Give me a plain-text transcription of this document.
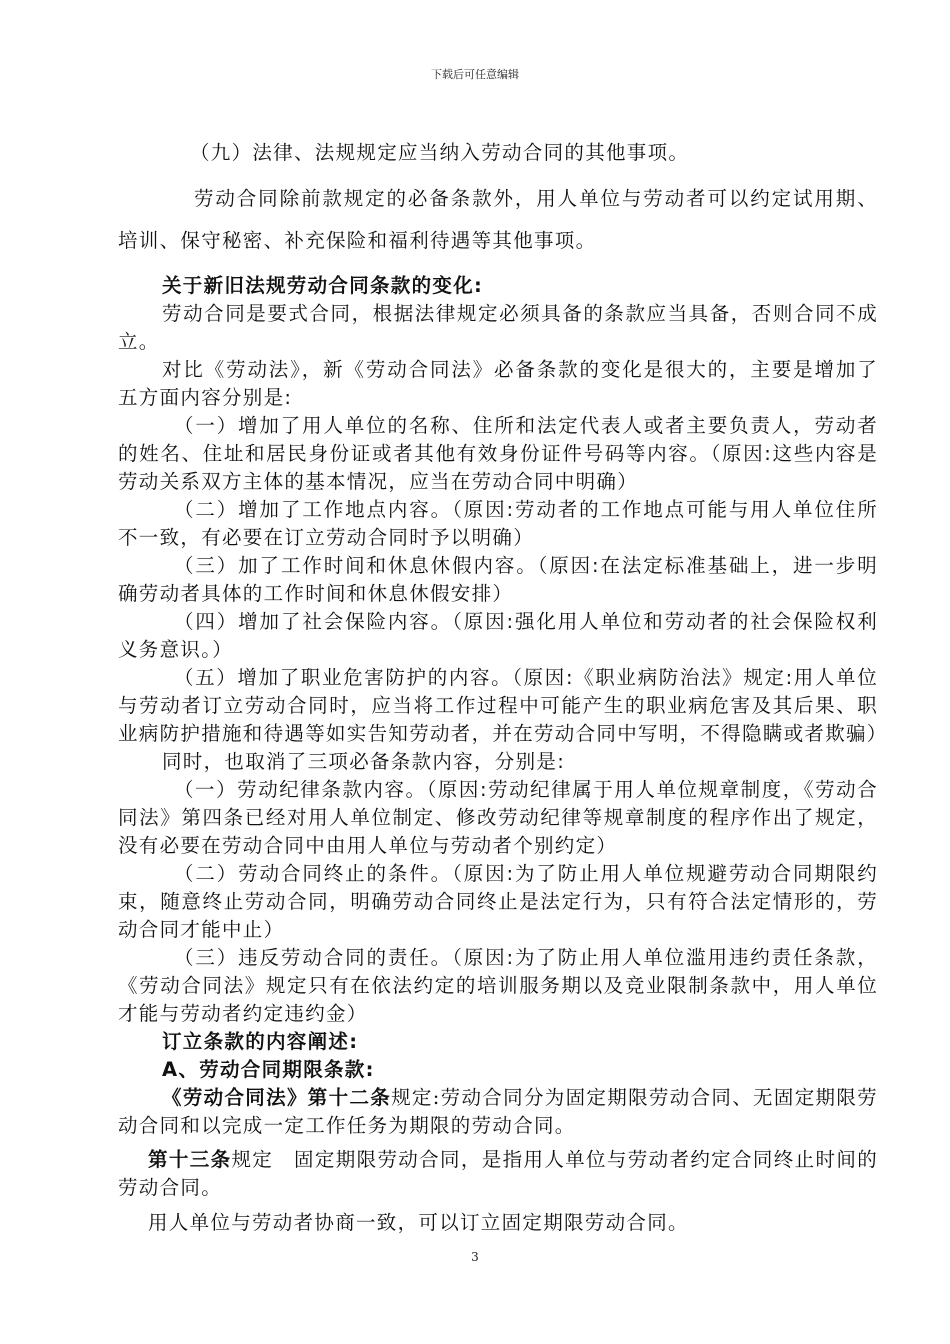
下载后可任意编辑

（九）法律、法规规定应当纳入劳动合同的其他事项。

劳动合同除前款规定的必备条款外，用人单位与劳动者可以约定试用期、培训、保守秘密、补充保险和福利待遇等其他事项。

关于新旧法规劳动合同条款的变化:

劳动合同是要式合同，根据法律规定必须具备的条款应当具备，否则合同不成立。

对比《劳动法》，新《劳动合同法》必备条款的变化是很大的，主要是增加了五方面内容分别是:

（一）增加了用人单位的名称、住所和法定代表人或者主要负责人，劳动者的姓名、住址和居民身份证或者其他有效身份证件号码等内容。（原因:这些内容是劳动关系双方主体的基本情况，应当在劳动合同中明确）

（二）增加了工作地点内容。（原因:劳动者的工作地点可能与用人单位住所不一致，有必要在订立劳动合同时予以明确）

（三）加了工作时间和休息休假内容。（原因:在法定标准基础上，进一步明确劳动者具体的工作时间和休息休假安排）

（四）增加了社会保险内容。（原因:强化用人单位和劳动者的社会保险权利义务意识。）

（五）增加了职业危害防护的内容。（原因:《职业病防治法》规定:用人单位与劳动者订立劳动合同时，应当将工作过程中可能产生的职业病危害及其后果、职业病防护措施和待遇等如实告知劳动者，并在劳动合同中写明，不得隐瞒或者欺骗）

同时，也取消了三项必备条款内容，分别是:

（一）劳动纪律条款内容。（原因:劳动纪律属于用人单位规章制度，《劳动合同法》第四条已经对用人单位制定、修改劳动纪律等规章制度的程序作出了规定，没有必要在劳动合同中由用人单位与劳动者个别约定）

（二）劳动合同终止的条件。（原因:为了防止用人单位规避劳动合同期限约束，随意终止劳动合同，明确劳动合同终止是法定行为，只有符合法定情形的，劳动合同才能中止）

（三）违反劳动合同的责任。（原因:为了防止用人单位滥用违约责任条款，《劳动合同法》规定只有在依法约定的培训服务期以及竞业限制条款中，用人单位才能与劳动者约定违约金）

订立条款的内容阐述:

A、劳动合同期限条款:

《劳动合同法》第十二条规定:劳动合同分为固定期限劳动合同、无固定期限劳动合同和以完成一定工作任务为期限的劳动合同。

第十三条规定　固定期限劳动合同，是指用人单位与劳动者约定合同终止时间的劳动合同。

用人单位与劳动者协商一致，可以订立固定期限劳动合同。

3
